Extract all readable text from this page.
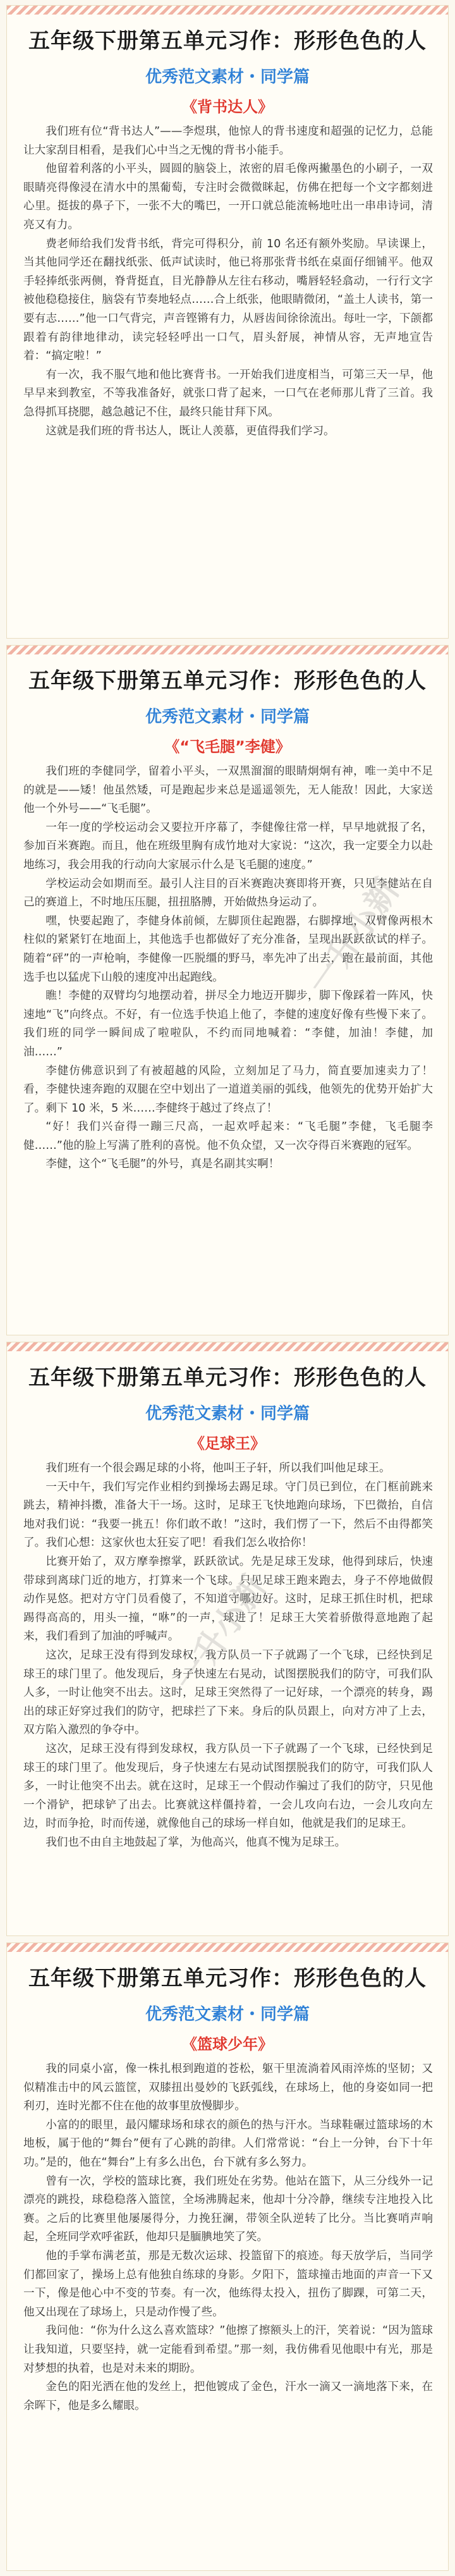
五年级下册第五单元习作：形形色色的人
优秀范文素材・同学篇
《背书达人》

我们班有位“背书达人”——李煜琪，他惊人的背书速度和超强的记忆力，总能让大家刮目相看，是我们心中当之无愧的背书小能手。

他留着利落的小平头，圆圆的脑袋上，浓密的眉毛像两撇墨色的小刷子，一双眼睛亮得像浸在清水中的黑葡萄，专注时会微微眯起，仿佛在把每一个文字都刻进心里。挺拔的鼻子下，一张不大的嘴巴，一开口就总能流畅地吐出一串串诗词，清亮又有力。

费老师给我们发背书纸，背完可得积分，前 10 名还有额外奖励。早读课上，当其他同学还在翻找纸张、低声试读时，他已将那张背书纸在桌面仔细铺平。他双手轻捧纸张两侧，脊背挺直，目光静静从左往右移动，嘴唇轻轻翕动，一行行文字被他稳稳接住，脑袋有节奏地轻点……合上纸张，他眼睛微闭，“盖土人读书，第一要有志……”他一口气背完，声音铿锵有力，从唇齿间徐徐流出。每吐一字，下颌都跟着有韵律地律动，读完轻轻呼出一口气，眉头舒展，神情从容，无声地宣告着：“搞定啦！”

有一次，我不服气地和他比赛背书。一开始我们进度相当，可第三天一早，他早早来到教室，不等我准备好，就张口背了起来，一口气在老师那儿背了三首。我急得抓耳挠腮，越急越记不住，最终只能甘拜下风。

这就是我们班的背书达人，既让人羡慕，更值得我们学习。

五年级下册第五单元习作：形形色色的人
优秀范文素材・同学篇
《“飞毛腿”李健》

我们班的李健同学，留着小平头，一双黑溜溜的眼睛炯炯有神，唯一美中不足的就是——矮！他虽然矮，可是跑起步来总是遥遥领先，无人能敌！因此，大家送他一个外号——“飞毛腿”。

一年一度的学校运动会又要拉开序幕了，李健像往常一样，早早地就报了名，参加百米赛跑。而且，他在班级里胸有成竹地对大家说：“这次，我一定要全力以赴地练习，我会用我的行动向大家展示什么是飞毛腿的速度。”

学校运动会如期而至。最引人注目的百米赛跑决赛即将开赛，只见李健站在自己的赛道上，不时地压压腿，扭扭胳膊，开始做热身运动了。

嘿，快要起跑了，李健身体前倾，左脚顶住起跑器，右脚撑地，双臂像两根木柱似的紧紧钉在地面上，其他选手也都做好了充分准备，呈现出跃跃欲试的样子。随着“砰”的一声枪响，李健像一匹脱缰的野马，率先冲了出去，跑在最前面，其他选手也以猛虎下山般的速度冲出起跑线。

瞧！李健的双臂均匀地摆动着，拼尽全力地迈开脚步，脚下像踩着一阵风，快速地“飞”向终点。不好，有一位选手快追上他了，李健的速度好像有些慢下来了。我们班的同学一瞬间成了啦啦队，不约而同地喊着：“李健，加油！李健，加油……”

李健仿佛意识到了有被超越的风险，立刻加足了马力，简直要加速卖力了！看，李健快速奔跑的双腿在空中划出了一道道美丽的弧线，他领先的优势开始扩大了。剩下 10 米，5 米……李健终于越过了终点了！

“好！我们兴奋得一蹦三尺高，一起欢呼起来：“飞毛腿”李健，飞毛腿李健……”他的脸上写满了胜利的喜悦。他不负众望，又一次夺得百米赛跑的冠军。

李健，这个“飞毛腿”的外号，真是名副其实啊！

一升小新
五年级下册第五单元习作：形形色色的人
优秀范文素材・同学篇
《足球王》

我们班有一个很会踢足球的小将，他叫王子轩，所以我们叫他足球王。

一天中午，我们写完作业相约到操场去踢足球。守门员已到位，在门框前跳来跳去，精神抖擞，准备大干一场。这时，足球王飞快地跑向球场，下巴微抬，自信地对我们说：“我要一挑五！你们敢不敢！”这时，我们愣了一下，然后不由得都笑了。我们心想：这家伙也太狂妄了吧！看我们怎么收拾你！

比赛开始了，双方摩拳擦掌，跃跃欲试。先是足球王发球，他得到球后，快速带球到离球门近的地方，打算来一个飞球。只见足球王跑来跑去，身子不停地做假动作晃悠。把对方守门员看傻了，不知道守哪边好。这时，足球王抓住时机，把球踢得高高的，用头一撞，“咻”的一声，球进了！足球王大笑着骄傲得意地跑了起来，我们看到了加油的呼喊声。

这次，足球王没有得到发球权，我方队员一下子就踢了一个飞球，已经快到足球王的球门里了。他发现后，身子快速左右晃动，试图摆脱我们的防守，可我们队人多，一时让他突不出去。这时，足球王突然得了一记好球，一个漂亮的转身，踢出的球正好穿过我们的防守，把球拦了下来。身后的队员跟上，向对方冲了上去，双方陷入激烈的争夺中。

这次，足球王没有得到发球权，我方队员一下子就踢了一个飞球，已经快到足球王的球门里了。他发现后，身子快速左右晃动试图摆脱我们的防守，可我们队人多，一时让他突不出去。就在这时，足球王一个假动作骗过了我们的防守，只见他一个滑铲，把球铲了出去。比赛就这样僵持着，一会儿攻向右边，一会儿攻向左边，时而争抢，时而传递，就像他自己的球场一样自如，他就是我们的足球王。

我们也不由自主地鼓起了掌，为他高兴，他真不愧为足球王。

一升小新
五年级下册第五单元习作：形形色色的人
优秀范文素材・同学篇
《篮球少年》

我的同桌小富，像一株扎根到跑道的苍松，躯干里流淌着风雨淬炼的坚韧；又似精准击中的风云篮筐，双膝扭出曼妙的飞跃弧线，在球场上，他的身姿如同一把利刃，连时光都不住在他的故事里放慢脚步。

小富的的眼里，最闪耀球场和球衣的颜色的热与汗水。当球鞋碾过篮球场的木地板，属于他的“舞台”便有了心跳的韵律。人们常常说：“台上一分钟，台下十年功。”是的，他在“舞台”上有多么出色，台下就有多么努力。

曾有一次，学校的篮球比赛，我们班处在劣势。他站在篮下，从三分线外一记漂亮的跳投，球稳稳落入篮筐，全场沸腾起来，他却十分冷静，继续专注地投入比赛。之后的比赛里他屡屡得分，力挽狂澜，带领全队逆转了比分。当比赛哨声响起，全班同学欢呼雀跃，他却只是腼腆地笑了笑。

他的手掌布满老茧，那是无数次运球、投篮留下的痕迹。每天放学后，当同学们都回家了，操场上总有他独自练球的身影。夕阳下，篮球撞击地面的声音一下又一下，像是他心中不变的节奏。有一次，他练得太投入，扭伤了脚踝，可第二天，他又出现在了球场上，只是动作慢了些。

我问他：“你为什么这么喜欢篮球？”他擦了擦额头上的汗，笑着说：“因为篮球让我知道，只要坚持，就一定能看到希望。”那一刻，我仿佛看见他眼中有光，那是对梦想的执着，也是对未来的期盼。

金色的阳光洒在他的发丝上，把他镀成了金色，汗水一滴又一滴地落下来，在余晖下，他是多么耀眼。
